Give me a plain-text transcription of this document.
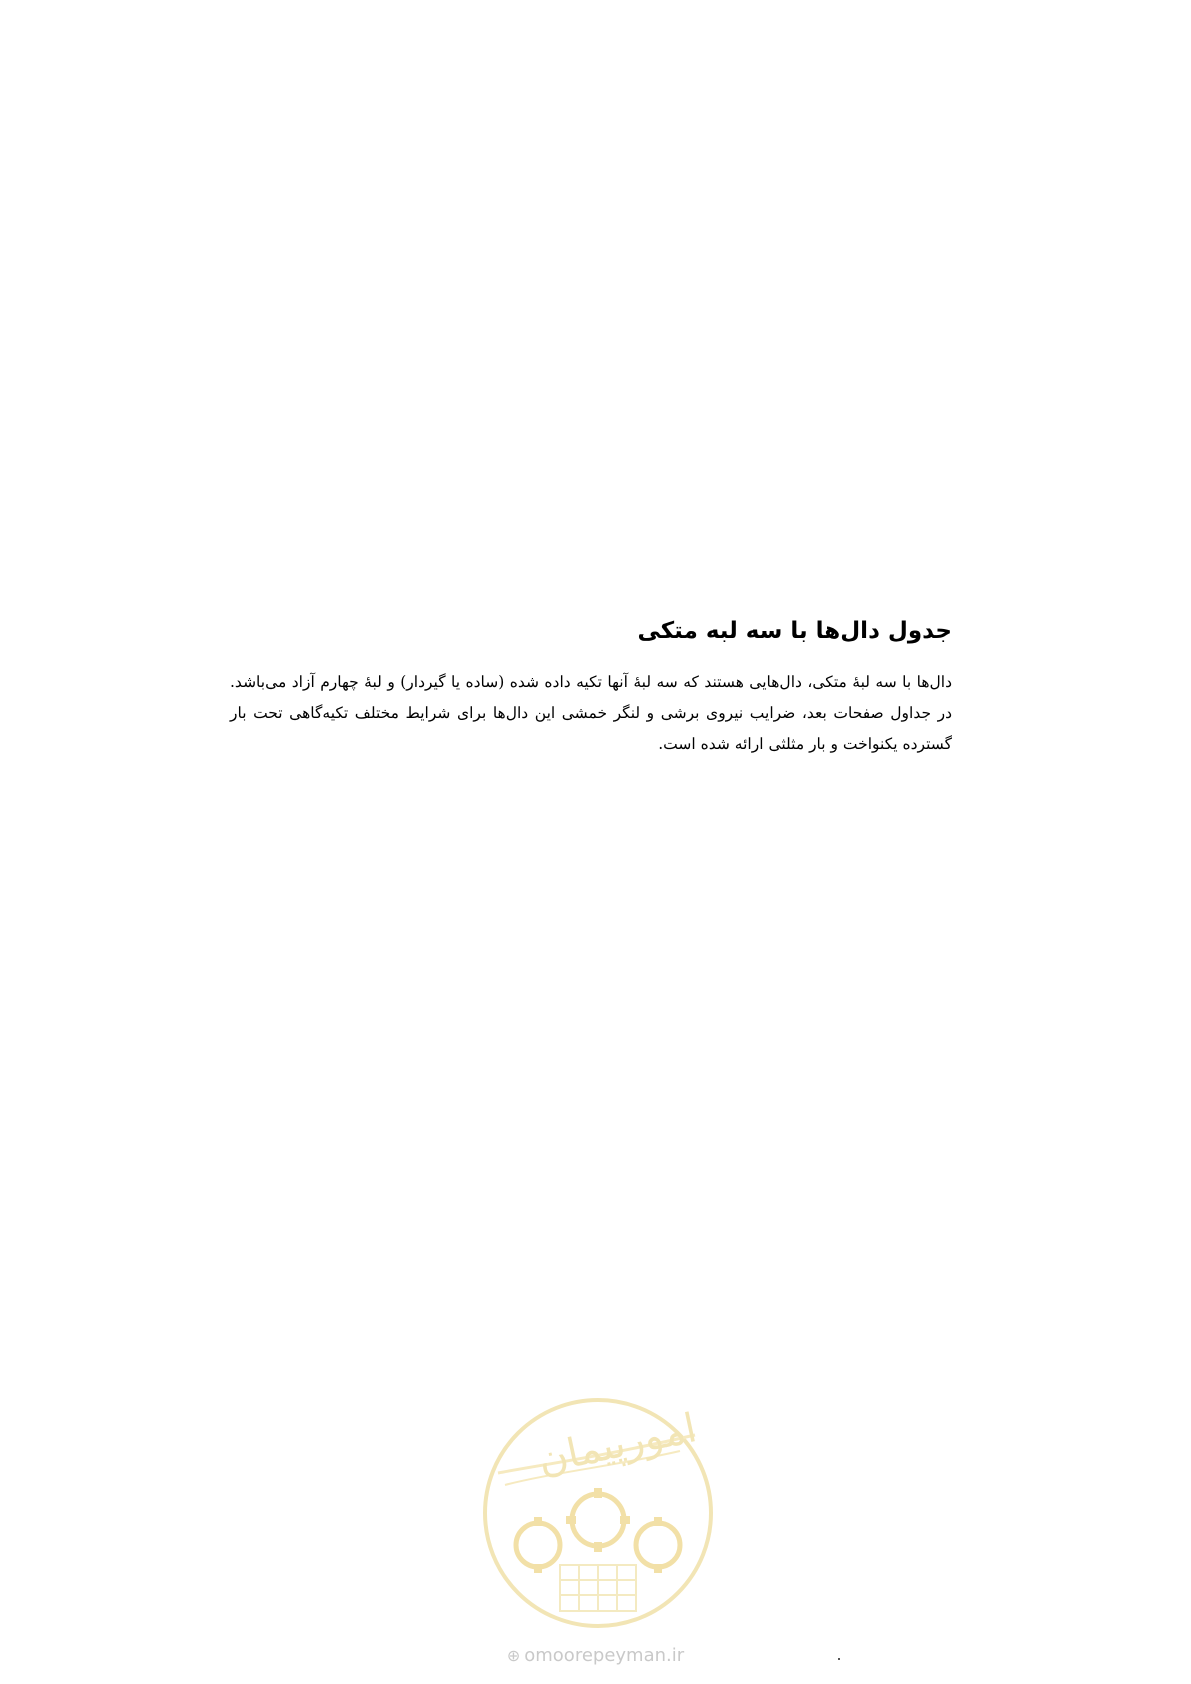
جدول دال‌ها با سه لبه متکی

دال‌ها با سه لبهٔ متکی، دال‌هایی هستند که سه لبهٔ آنها تکیه داده شده (ساده یا گیردار) و لبهٔ چهارم آزاد می‌باشد. در جداول صفحات بعد، ضرایب نیروی برشی و لنگر خمشی این دال‌ها برای شرایط مختلف تکیه‌گاهی تحت بار گسترده یکنواخت و بار مثلثی ارائه شده است.

امورپیمان
⊕ omoorepeyman.ir
